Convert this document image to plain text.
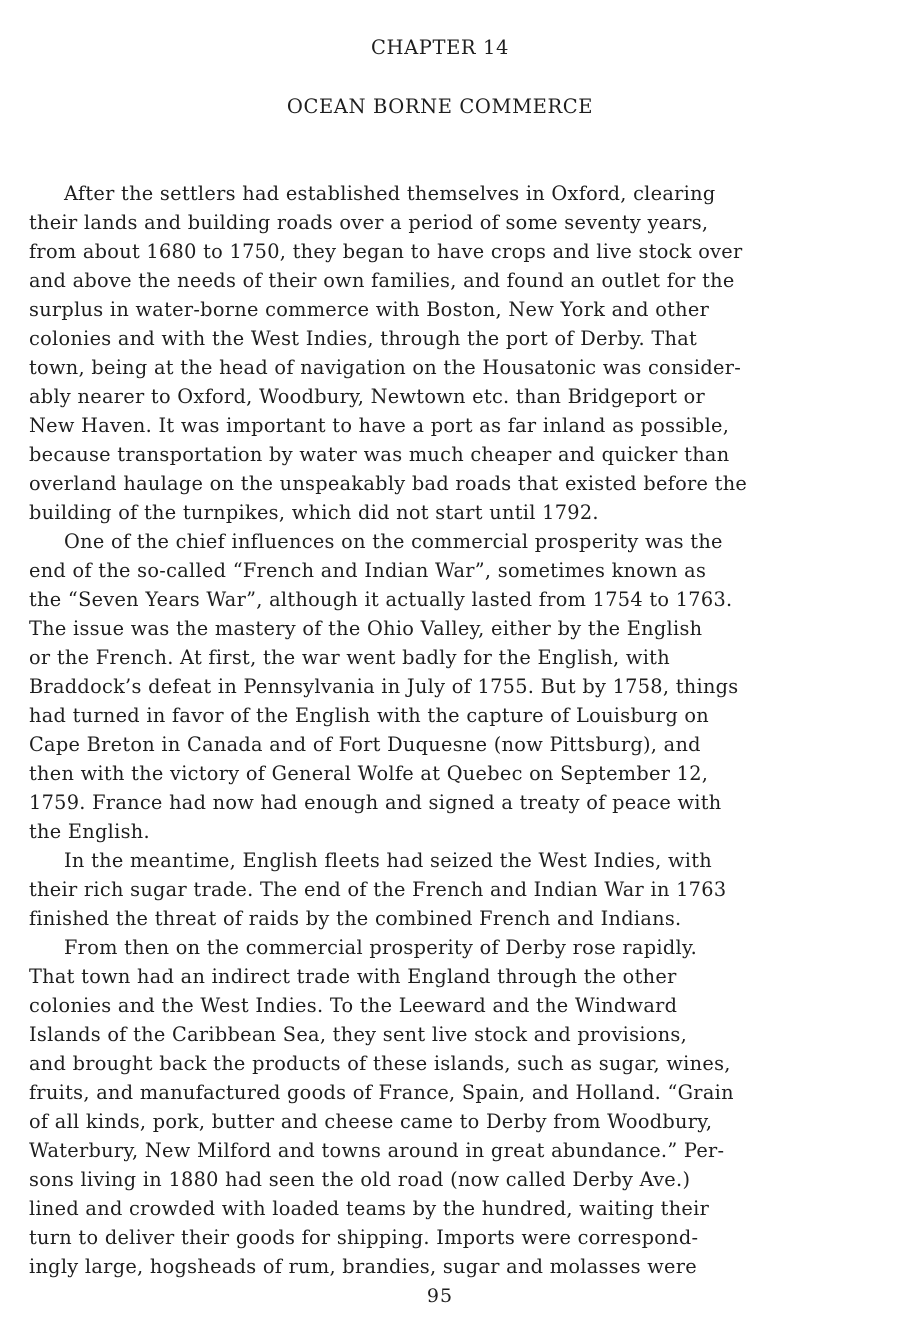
CHAPTER 14
OCEAN BORNE COMMERCE
After the settlers had established themselves in Oxford, clearing
their lands and building roads over a period of some seventy years,
from about 1680 to 1750, they began to have crops and live stock over
and above the needs of their own families, and found an outlet for the
surplus in water-borne commerce with Boston, New York and other
colonies and with the West Indies, through the port of Derby. That
town, being at the head of navigation on the Housatonic was consider-
ably nearer to Oxford, Woodbury, Newtown etc. than Bridgeport or
New Haven. It was important to have a port as far inland as possible,
because transportation by water was much cheaper and quicker than
overland haulage on the unspeakably bad roads that existed before the
building of the turnpikes, which did not start until 1792.
One of the chief influences on the commercial prosperity was the
end of the so-called “French and Indian War”, sometimes known as
the “Seven Years War”, although it actually lasted from 1754 to 1763.
The issue was the mastery of the Ohio Valley, either by the English
or the French. At first, the war went badly for the English, with
Braddock’s defeat in Pennsylvania in July of 1755. But by 1758, things
had turned in favor of the English with the capture of Louisburg on
Cape Breton in Canada and of Fort Duquesne (now Pittsburg), and
then with the victory of General Wolfe at Quebec on September 12,
1759. France had now had enough and signed a treaty of peace with
the English.
In the meantime, English fleets had seized the West Indies, with
their rich sugar trade. The end of the French and Indian War in 1763
finished the threat of raids by the combined French and Indians.
From then on the commercial prosperity of Derby rose rapidly.
That town had an indirect trade with England through the other
colonies and the West Indies. To the Leeward and the Windward
Islands of the Caribbean Sea, they sent live stock and provisions,
and brought back the products of these islands, such as sugar, wines,
fruits, and manufactured goods of France, Spain, and Holland. “Grain
of all kinds, pork, butter and cheese came to Derby from Woodbury,
Waterbury, New Milford and towns around in great abundance.” Per-
sons living in 1880 had seen the old road (now called Derby Ave.)
lined and crowded with loaded teams by the hundred, waiting their
turn to deliver their goods for shipping. Imports were correspond-
ingly large, hogsheads of rum, brandies, sugar and molasses were
95
